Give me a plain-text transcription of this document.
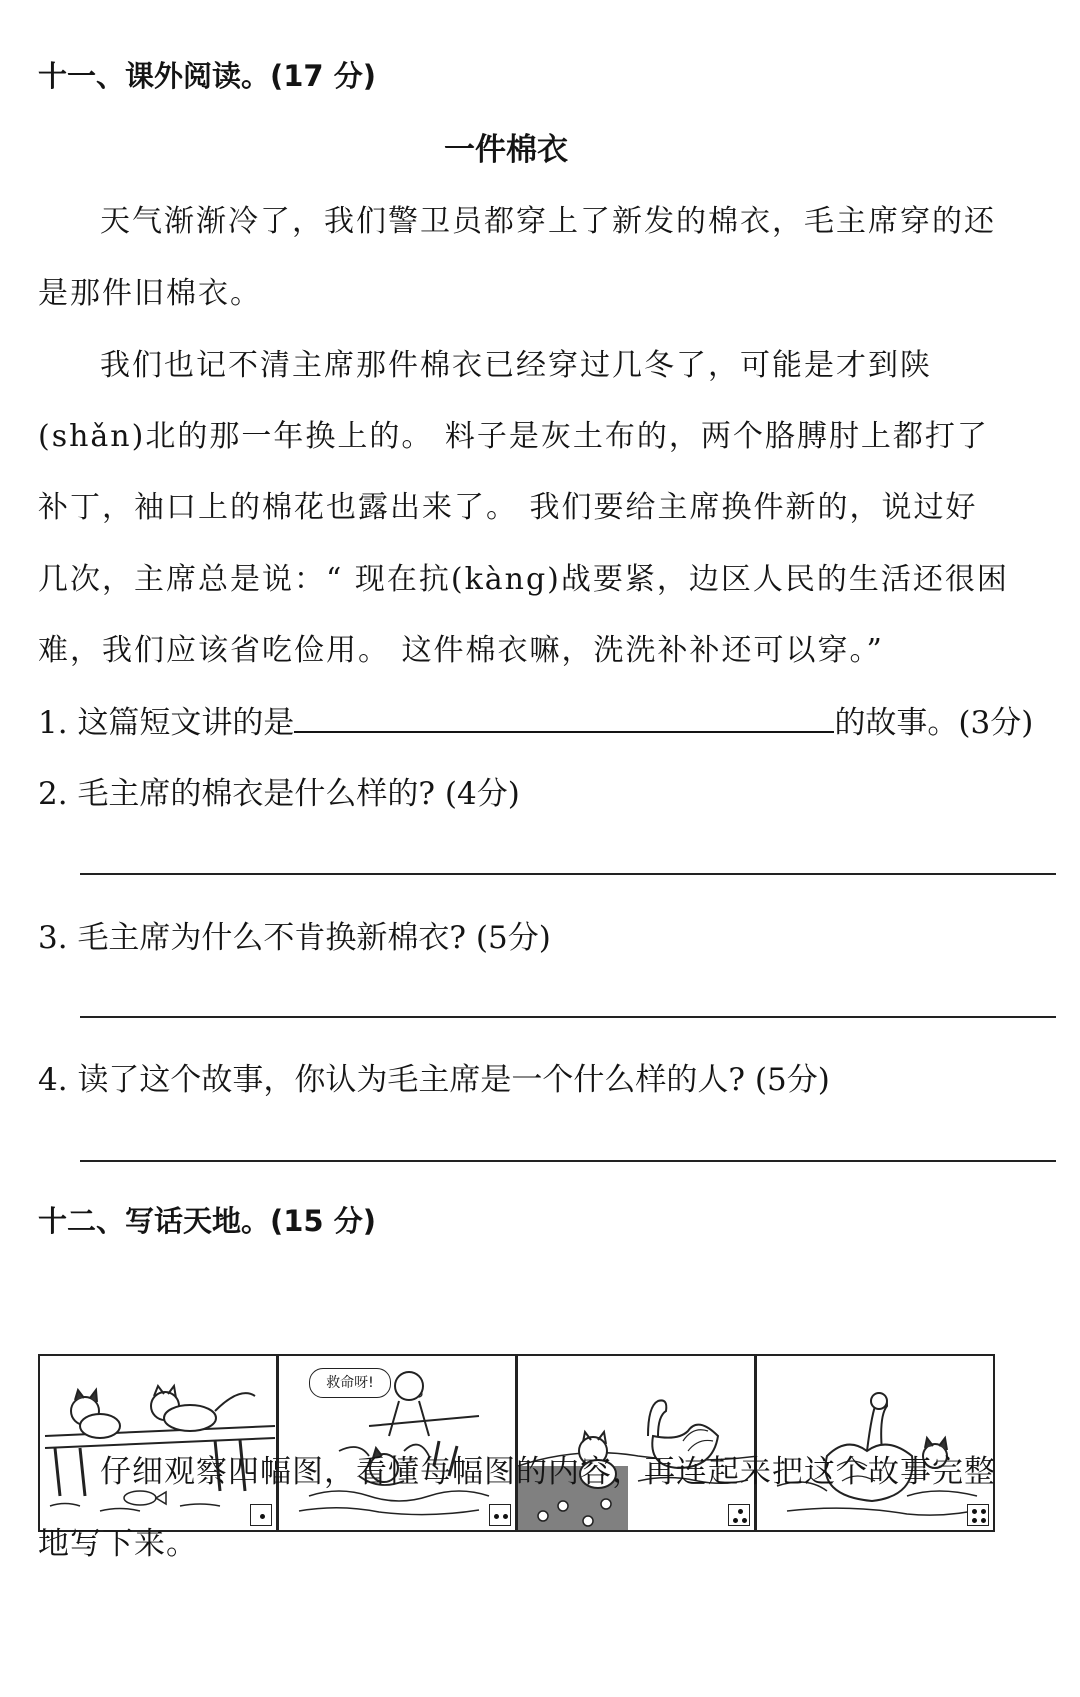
十一、课外阅读。(17 分)
一件棉衣
天气渐渐冷了，我们警卫员都穿上了新发的棉衣，毛主席穿的还
是那件旧棉衣。
我们也记不清主席那件棉衣已经穿过几冬了，可能是才到陕
(shǎn)北的那一年换上的。 料子是灰土布的，两个胳膊肘上都打了
补丁，袖口上的棉花也露出来了。 我们要给主席换件新的，说过好
几次，主席总是说：“ 现在抗(kàng)战要紧，边区人民的生活还很困
难，我们应该省吃俭用。 这件棉衣嘛，洗洗补补还可以穿。”
1. 这篇短文讲的是	的故事。(3分)
2. 毛主席的棉衣是什么样的? (4分)
3. 毛主席为什么不肯换新棉衣? (5分)
4. 读了这个故事，你认为毛主席是一个什么样的人? (5分)
十二、写话天地。(15 分)
救命呀!
仔细观察四幅图，看懂每幅图的内容，再连起来把这个故事完整
地写下来。
